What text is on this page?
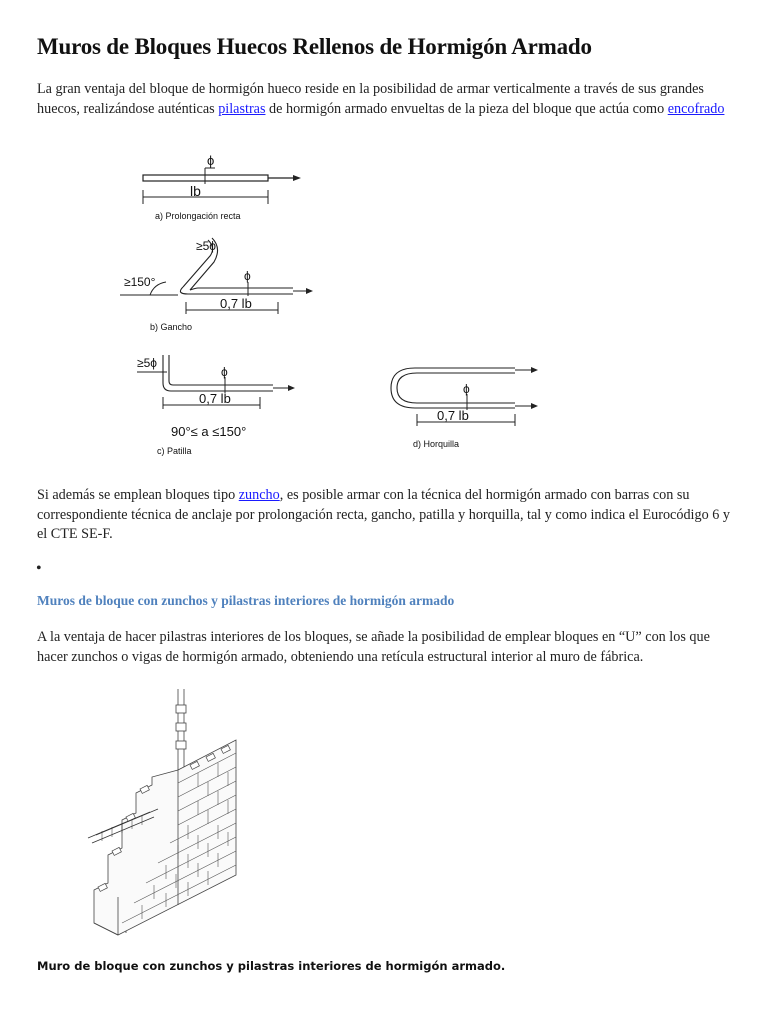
Muros de Bloques Huecos Rellenos de Hormigón Armado

La gran ventaja del bloque de hormigón hueco reside en la posibilidad de armar verticalmente a través de sus grandes huecos, realizándose auténticas pilastras de hormigón armado envueltas de la pieza del bloque que actúa como encofrado

ϕ
lb
a) Prolongación recta
≥150°
≥5ϕ
ϕ
0,7 lb
b) Gancho
≥5ϕ
ϕ
0,7 lb
90°≤ a ≤150°
c) Patilla
ϕ
0,7 lb
d) Horquilla

Si además se emplean bloques tipo zuncho, es posible armar con la técnica del hormigón armado con barras con su correspondiente técnica de anclaje por prolongación recta, gancho, patilla y horquilla, tal y como indica el Eurocódigo 6 y el CTE SE-F.

•
Muros de bloque con zunchos y pilastras interiores de hormigón armado

A la ventaja de hacer pilastras interiores de los bloques, se añade la posibilidad de emplear bloques en “U” con los que hacer zunchos o vigas de hormigón armado, obteniendo una retícula estructural interior al muro de fábrica.

Muro de bloque con zunchos y pilastras interiores de hormigón armado.
